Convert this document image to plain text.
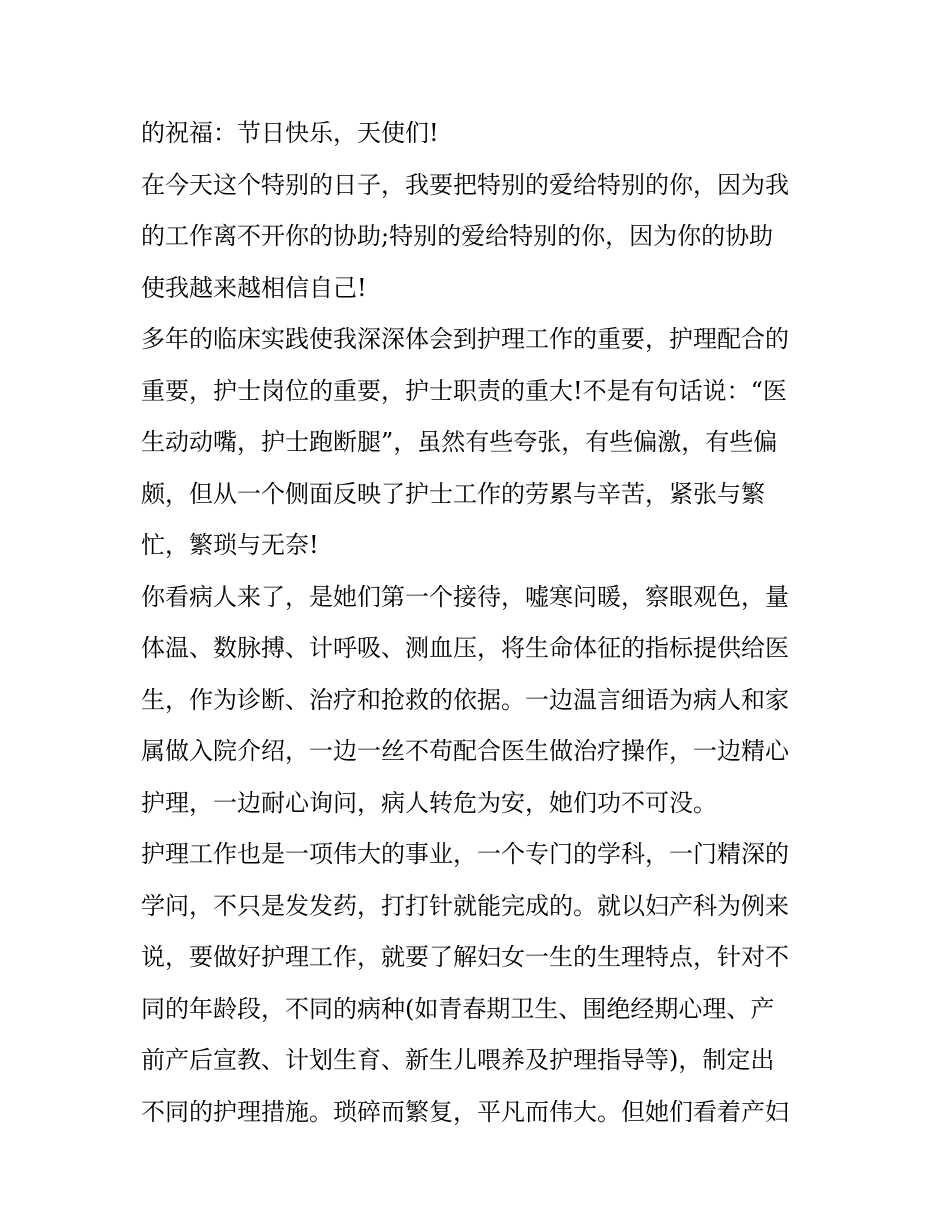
的祝福：节日快乐，天使们!
在今天这个特别的日子，我要把特别的爱给特别的你，因为我
的工作离不开你的协助;特别的爱给特别的你，因为你的协助
使我越来越相信自己!
多年的临床实践使我深深体会到护理工作的重要，护理配合的
重要，护士岗位的重要，护士职责的重大!不是有句话说：“医
生动动嘴，护士跑断腿”，虽然有些夸张，有些偏激，有些偏
颇，但从一个侧面反映了护士工作的劳累与辛苦，紧张与繁
忙，繁琐与无奈!
你看病人来了，是她们第一个接待，嘘寒问暖，察眼观色，量
体温、数脉搏、计呼吸、测血压，将生命体征的指标提供给医
生，作为诊断、治疗和抢救的依据。一边温言细语为病人和家
属做入院介绍，一边一丝不苟配合医生做治疗操作，一边精心
护理，一边耐心询问，病人转危为安，她们功不可没。
护理工作也是一项伟大的事业，一个专门的学科，一门精深的
学问，不只是发发药，打打针就能完成的。就以妇产科为例来
说，要做好护理工作，就要了解妇女一生的生理特点，针对不
同的年龄段，不同的病种(如青春期卫生、围绝经期心理、产
前产后宣教、计划生育、新生儿喂养及护理指导等)，制定出
不同的护理措施。琐碎而繁复，平凡而伟大。但她们看着产妇
